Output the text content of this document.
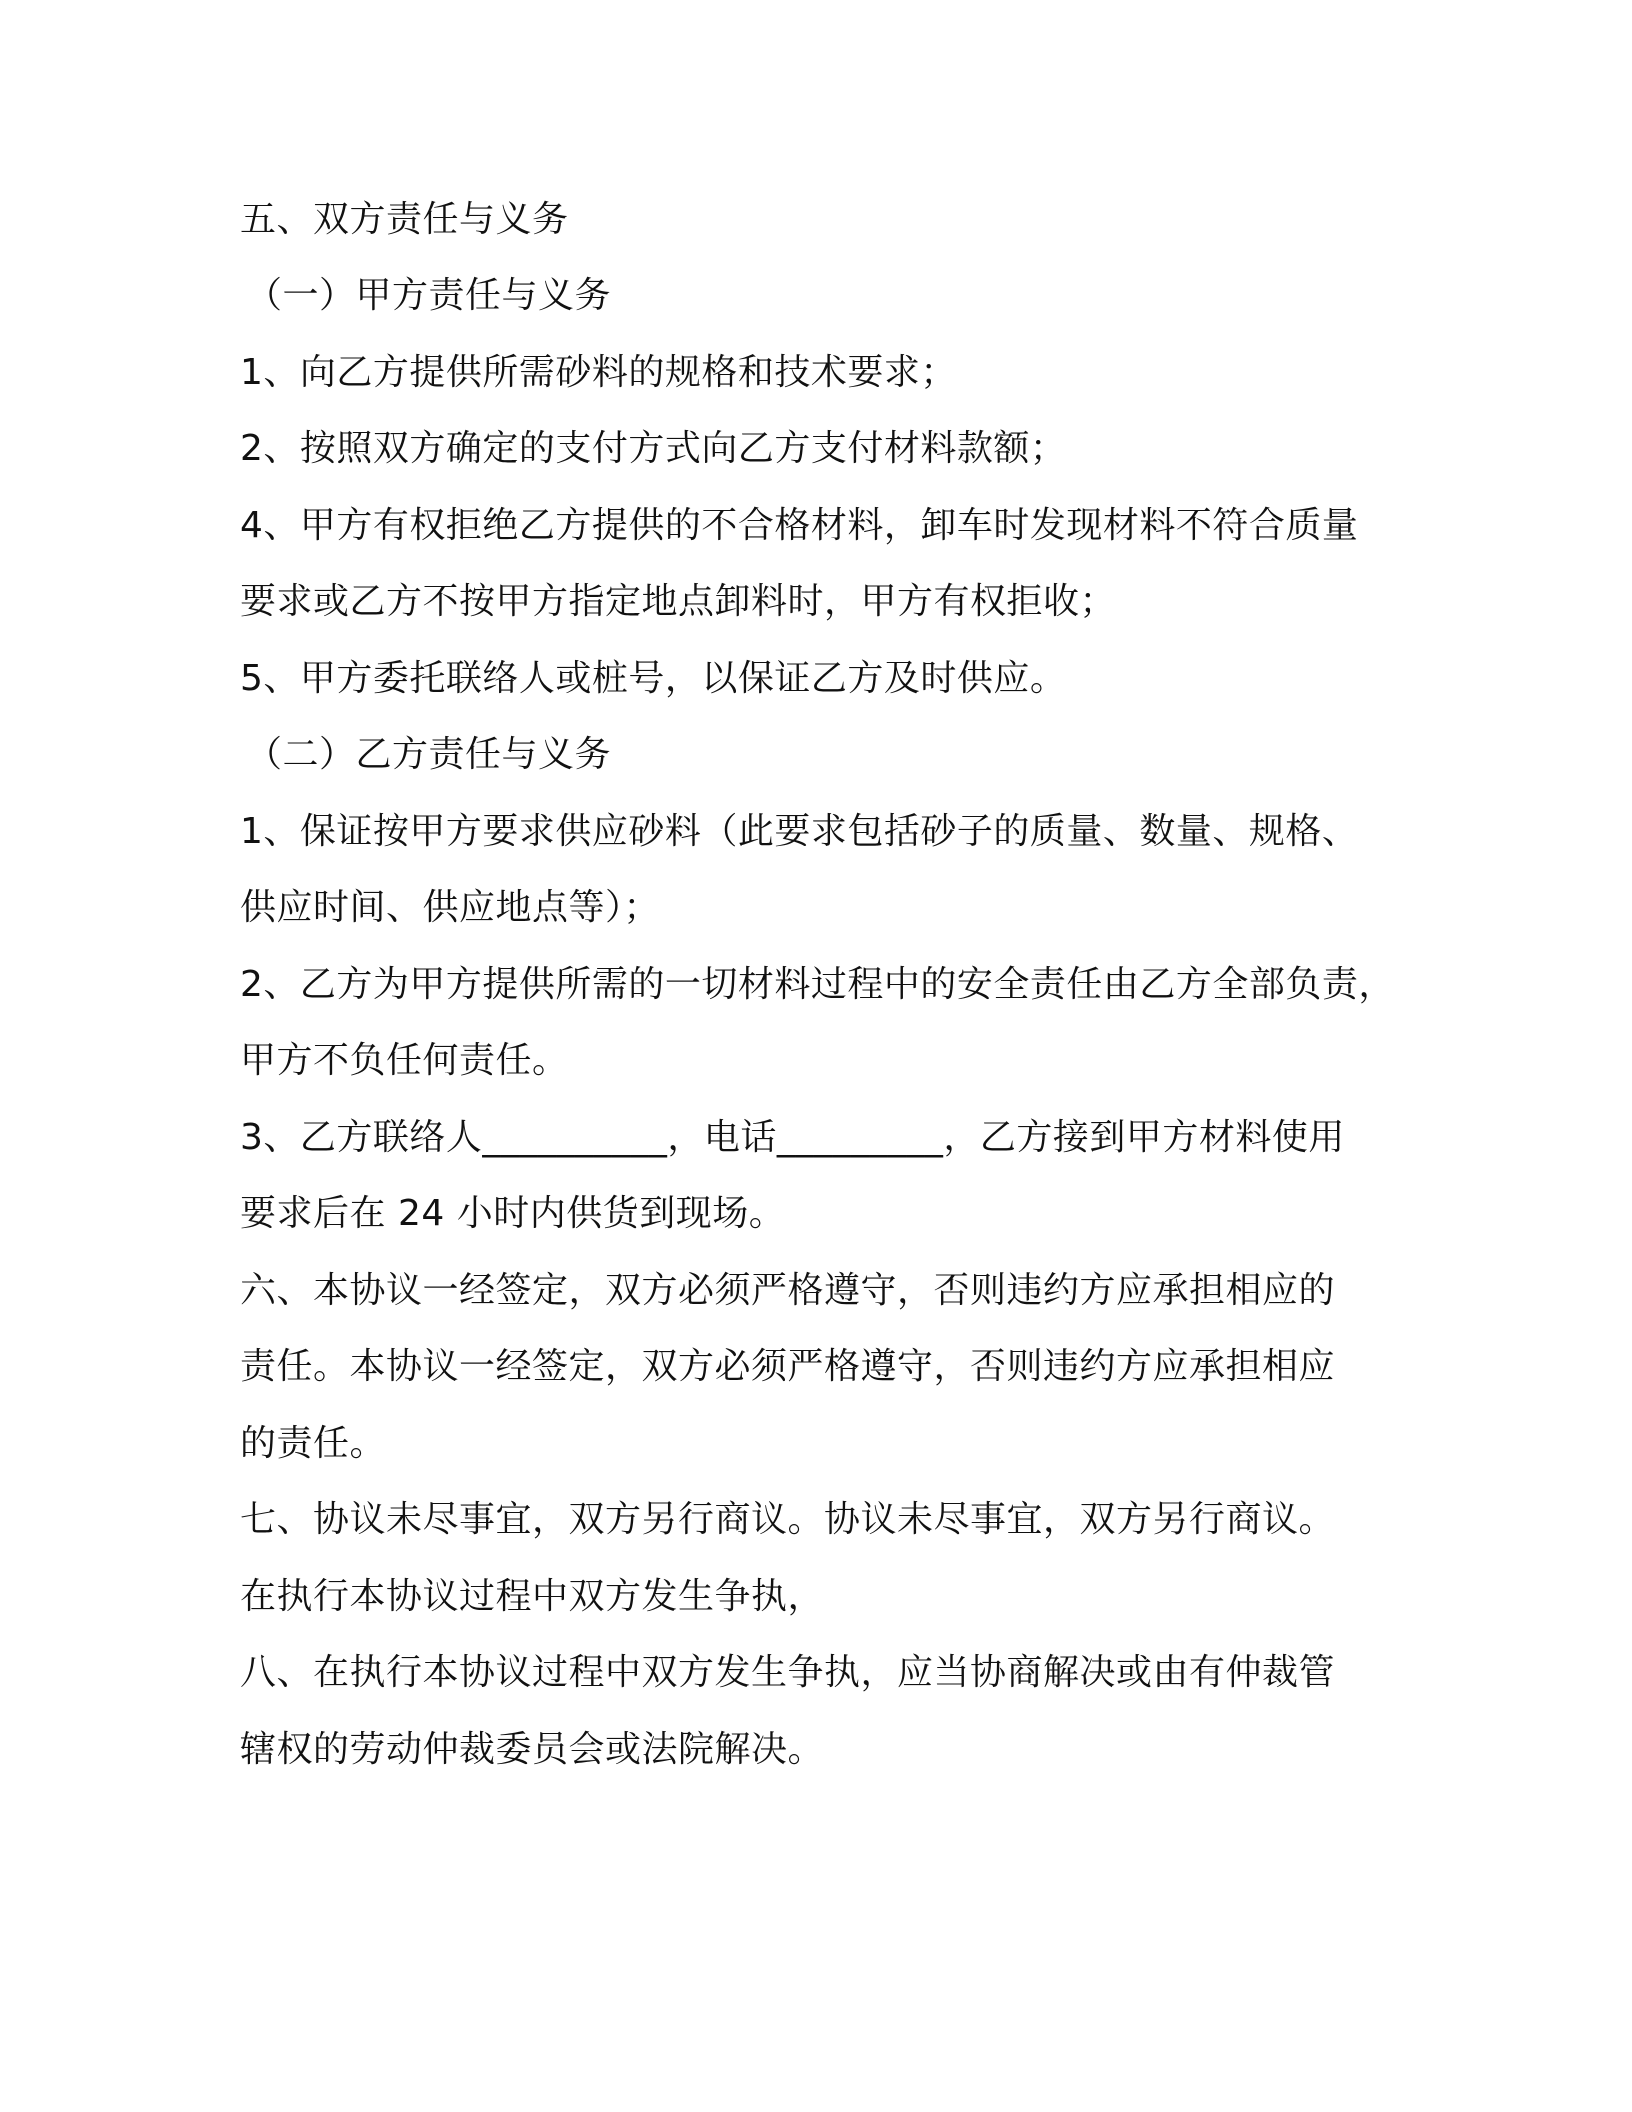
五、双方责任与义务
（一）甲方责任与义务
1、向乙方提供所需砂料的规格和技术要求；
2、按照双方确定的支付方式向乙方支付材料款额；
4、甲方有权拒绝乙方提供的不合格材料，卸车时发现材料不符合质量
要求或乙方不按甲方指定地点卸料时，甲方有权拒收；
5、甲方委托联络人或桩号，以保证乙方及时供应。
（二）乙方责任与义务
1、保证按甲方要求供应砂料（此要求包括砂子的质量、数量、规格、
供应时间、供应地点等）；
2、乙方为甲方提供所需的一切材料过程中的安全责任由乙方全部负责，
甲方不负任何责任。
3、乙方联络人__________，电话_________，乙方接到甲方材料使用
要求后在 24 小时内供货到现场。
六、本协议一经签定，双方必须严格遵守，否则违约方应承担相应的
责任。本协议一经签定，双方必须严格遵守，否则违约方应承担相应
的责任。
七、协议未尽事宜，双方另行商议。协议未尽事宜，双方另行商议。
在执行本协议过程中双方发生争执，
八、在执行本协议过程中双方发生争执，应当协商解决或由有仲裁管
辖权的劳动仲裁委员会或法院解决。
